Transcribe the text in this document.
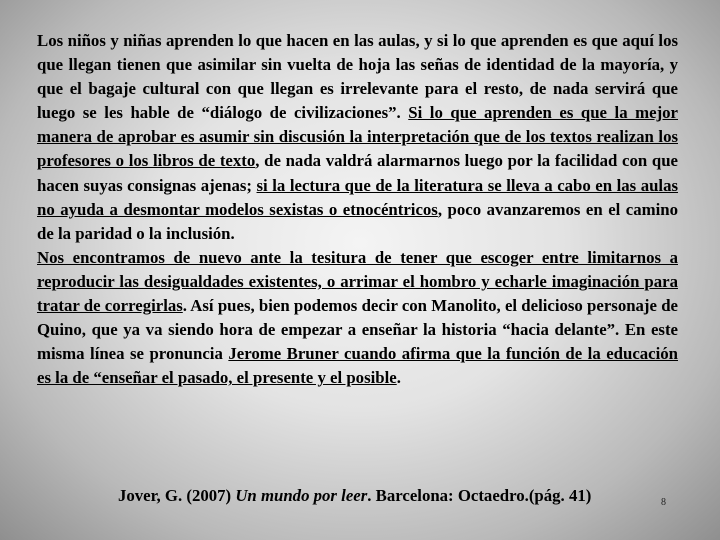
Los niños y niñas aprenden lo que hacen en las aulas, y si lo que aprenden es que aquí los que llegan tienen que asimilar sin vuelta de hoja las señas de identidad de la mayoría, y que el bagaje cultural con que llegan es irrelevante para el resto, de nada servirá que luego se les hable de “diálogo de civilizaciones”. Si lo que aprenden es que la mejor manera de aprobar es asumir sin discusión la interpretación que de los textos realizan los profesores o los libros de texto, de nada valdrá alarmarnos luego por la facilidad con que hacen suyas consignas ajenas; si la lectura que de la literatura se lleva a cabo en las aulas no ayuda a desmontar modelos sexistas o etnocéntricos, poco avanzaremos en el camino de la paridad o la inclusión.

Nos encontramos de nuevo ante la tesitura de tener que escoger entre limitarnos a reproducir las desigualdades existentes, o arrimar el hombro y echarle imaginación para tratar de corregirlas. Así pues, bien podemos decir con Manolito, el delicioso personaje de Quino, que ya va siendo hora de empezar a enseñar la historia “hacia delante”. En este misma línea se pronuncia Jerome Bruner cuando afirma que la función de la educación es la de “enseñar el pasado, el presente y el posible.

Jover, G. (2007) Un mundo por leer. Barcelona: Octaedro.(pág. 41)	8
